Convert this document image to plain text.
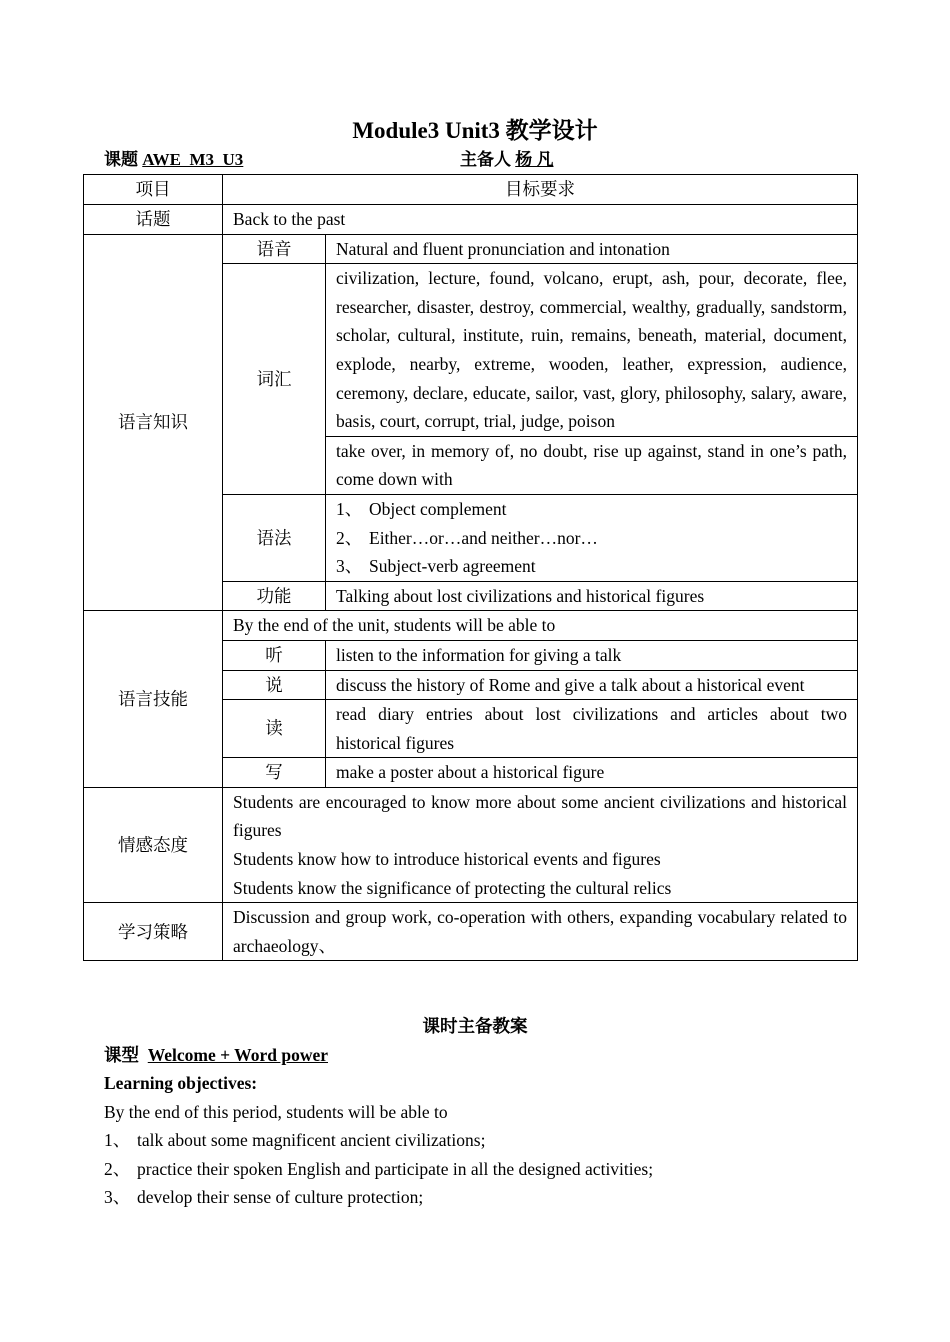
Module3 Unit3 教学设计
课题 AWE  M3  U3	主备人 杨 凡
项目	目标要求	
话题	Back to the past	
语言知识	语音	Natural and fluent pronunciation and intonation
	词汇	civilization, lecture, found, volcano, erupt, ash, pour, decorate, flee, researcher, disaster, destroy, commercial, wealthy, gradually, sandstorm, scholar, cultural, institute, ruin, remains, beneath, material, document, explode, nearby, extreme, wooden, leather, expression, audience, ceremony, declare, educate, sailor, vast, glory, philosophy, salary, aware, basis, court, corrupt, trial, judge, poison
		take over, in memory of, no doubt, rise up against, stand in one’s path, come down with
	语法	1、 Object complement
2、 Either…or…and neither…nor…
3、 Subject-verb agreement

	功能	Talking about lost civilizations and historical figures
语言技能	By the end of the unit, students will be able to	
	听	listen to the information for giving a talk
	说	discuss the history of Rome and give a talk about a historical event
	读	read diary entries about lost civilizations and articles about two historical figures
	写	make a poster about a historical figure
情感态度	Students are encouraged to know more about some ancient civilizations and historical figures
Students know how to introduce historical events and figures
Students know the significance of protecting the cultural relics	

学习策略	Discussion and group work, co-operation with others, expanding vocabulary related to archaeology、	
课时主备教案
课型 Welcome + Word power
Learning objectives:
By the end of this period, students will be able to
1、 talk about some magnificent ancient civilizations;
2、 practice their spoken English and participate in all the designed activities;
3、 develop their sense of culture protection;
